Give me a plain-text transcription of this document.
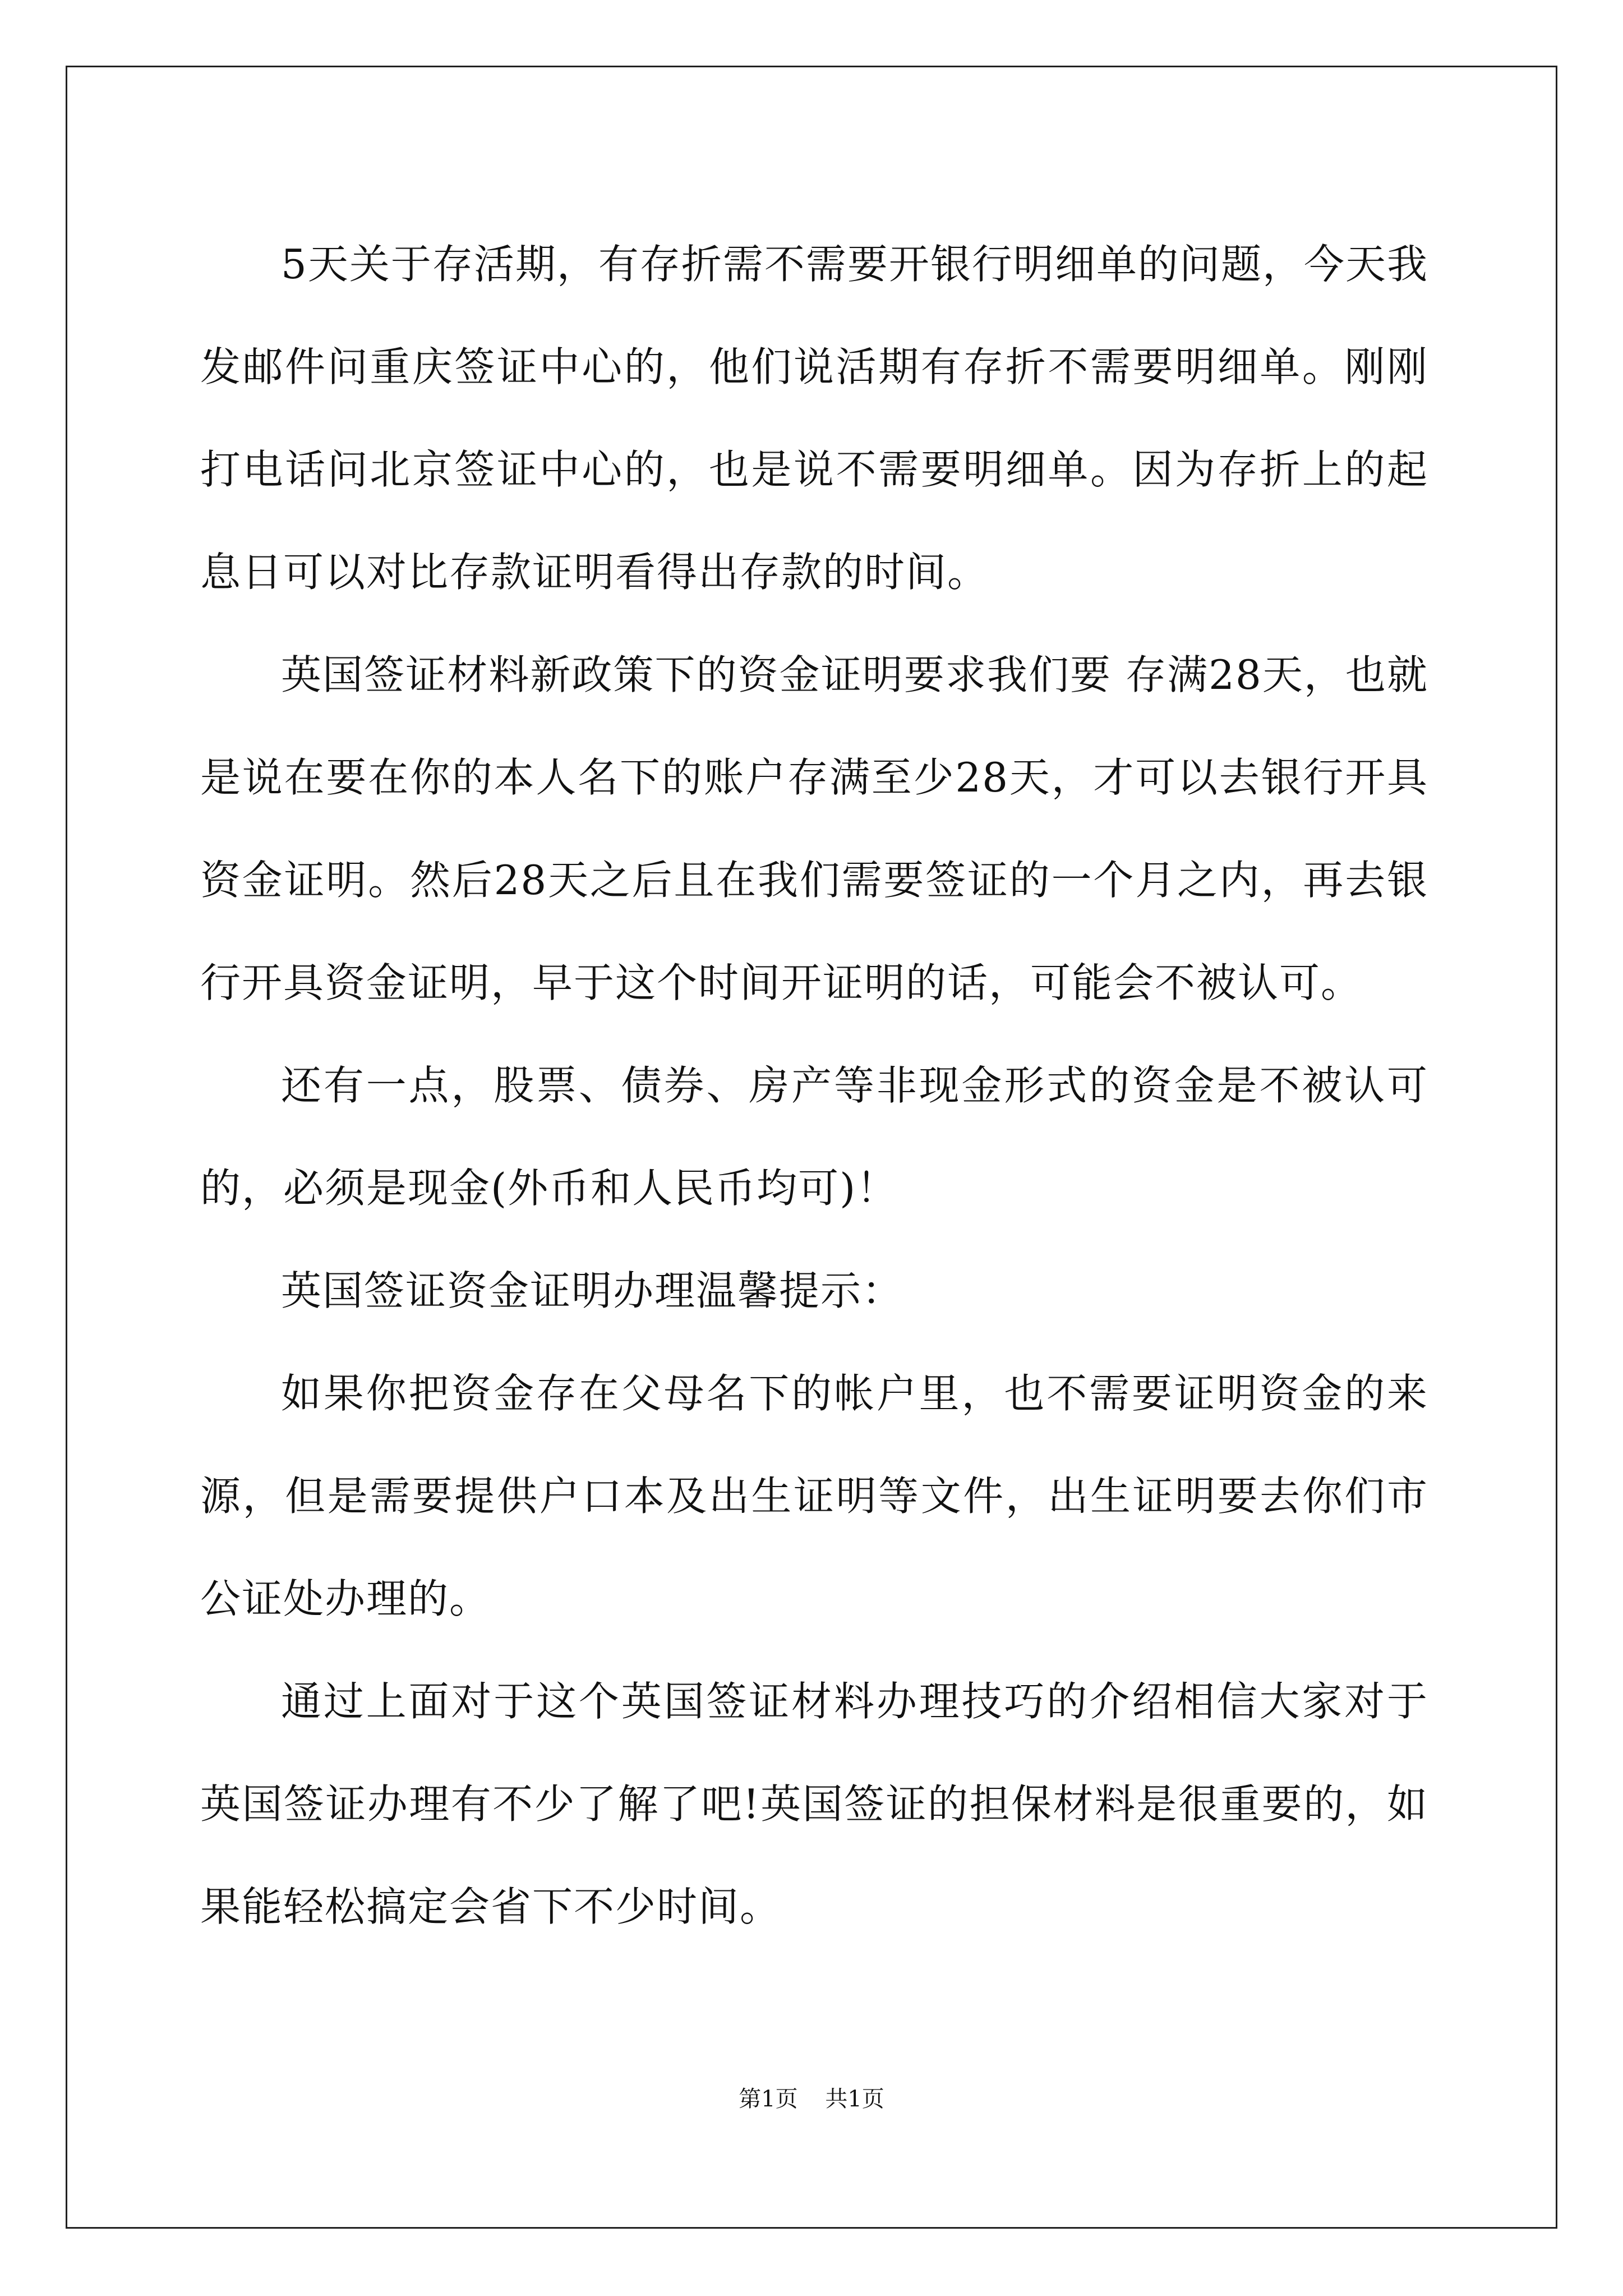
5天关于存活期，有存折需不需要开银行明细单的问题，今天我发邮件问重庆签证中心的，他们说活期有存折不需要明细单。刚刚打电话问北京签证中心的，也是说不需要明细单。因为存折上的起息日可以对比存款证明看得出存款的时间。

英国签证材料新政策下的资金证明要求我们要 存满28天，也就是说在要在你的本人名下的账户存满至少28天，才可以去银行开具资金证明。然后28天之后且在我们需要签证的一个月之内，再去银行开具资金证明，早于这个时间开证明的话，可能会不被认可。

还有一点，股票、债券、房产等非现金形式的资金是不被认可的，必须是现金(外币和人民币均可)！

英国签证资金证明办理温馨提示：

如果你把资金存在父母名下的帐户里，也不需要证明资金的来源，但是需要提供户口本及出生证明等文件，出生证明要去你们市公证处办理的。

通过上面对于这个英国签证材料办理技巧的介绍相信大家对于英国签证办理有不少了解了吧!英国签证的担保材料是很重要的，如果能轻松搞定会省下不少时间。

第1页 共1页
